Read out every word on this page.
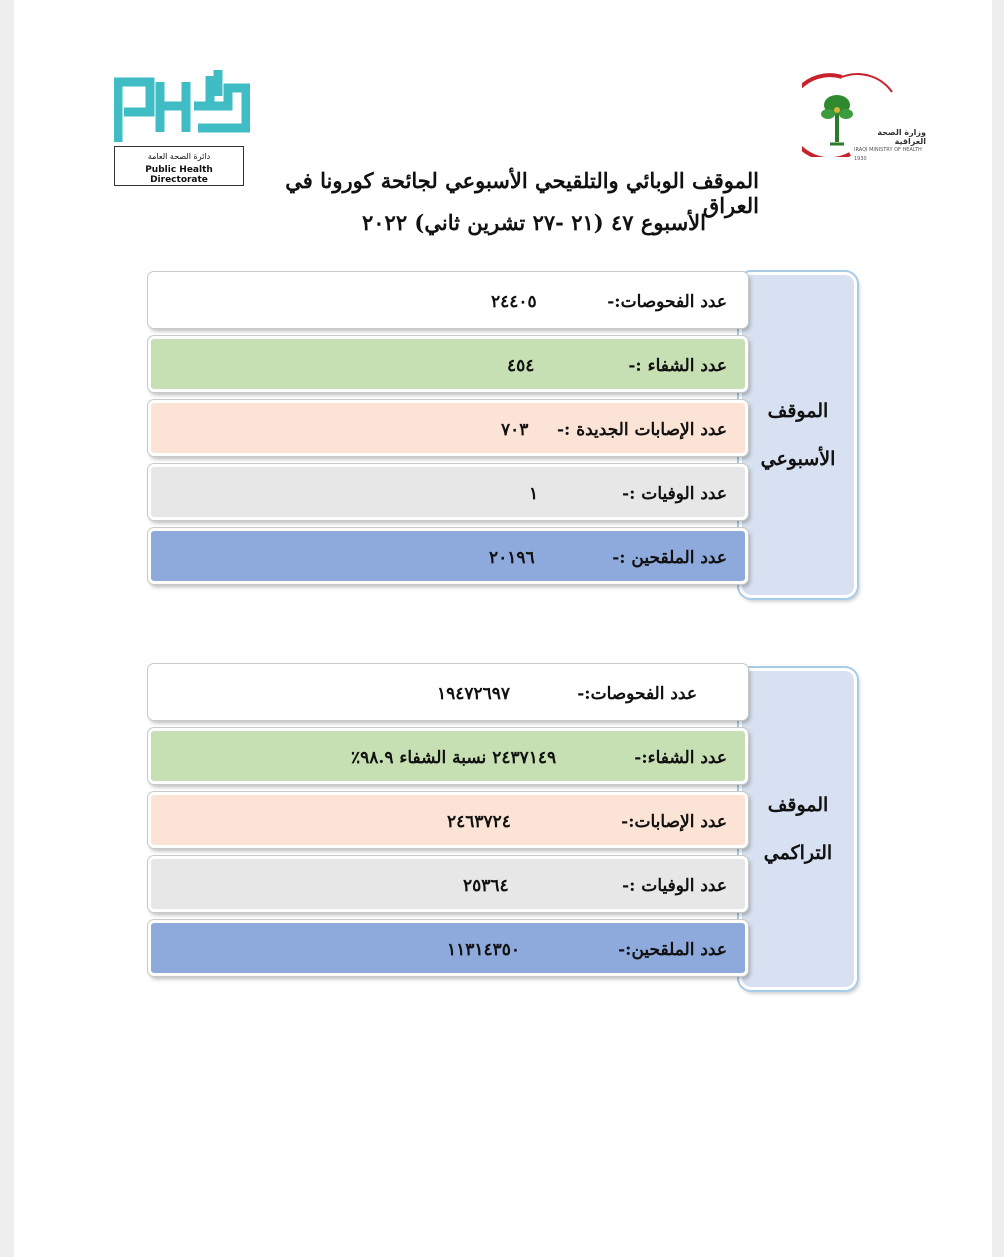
دائرة الصحة العامة
Public Health Directorate
وزارة الصحة العراقية
IRAQI MINISTRY OF HEALTH
1930
الموقف الوبائي والتلقيحي الأسبوعي لجائحة كورونا في العراق
الأسبوع ٤٧ (٢١ -٢٧ تشرين ثاني) ٢٠٢٢
الموقف
الأسبوعي
عدد الفحوصات:-
٢٤٤٠٥
عدد الشفاء :-
٤٥٤
عدد الإصابات الجديدة :-
٧٠٣
عدد الوفيات :-
١
عدد الملقحين :-
٢٠١٩٦
الموقف
التراكمي
عدد الفحوصات:-
١٩٤٧٢٦٩٧
عدد الشفاء:-
٢٤٣٧١٤٩ نسبة الشفاء ٩٨.٩٪
عدد الإصابات:-
٢٤٦٣٧٢٤
عدد الوفيات :-
٢٥٣٦٤
عدد الملقحين:-
١١٣١٤٣٥٠
